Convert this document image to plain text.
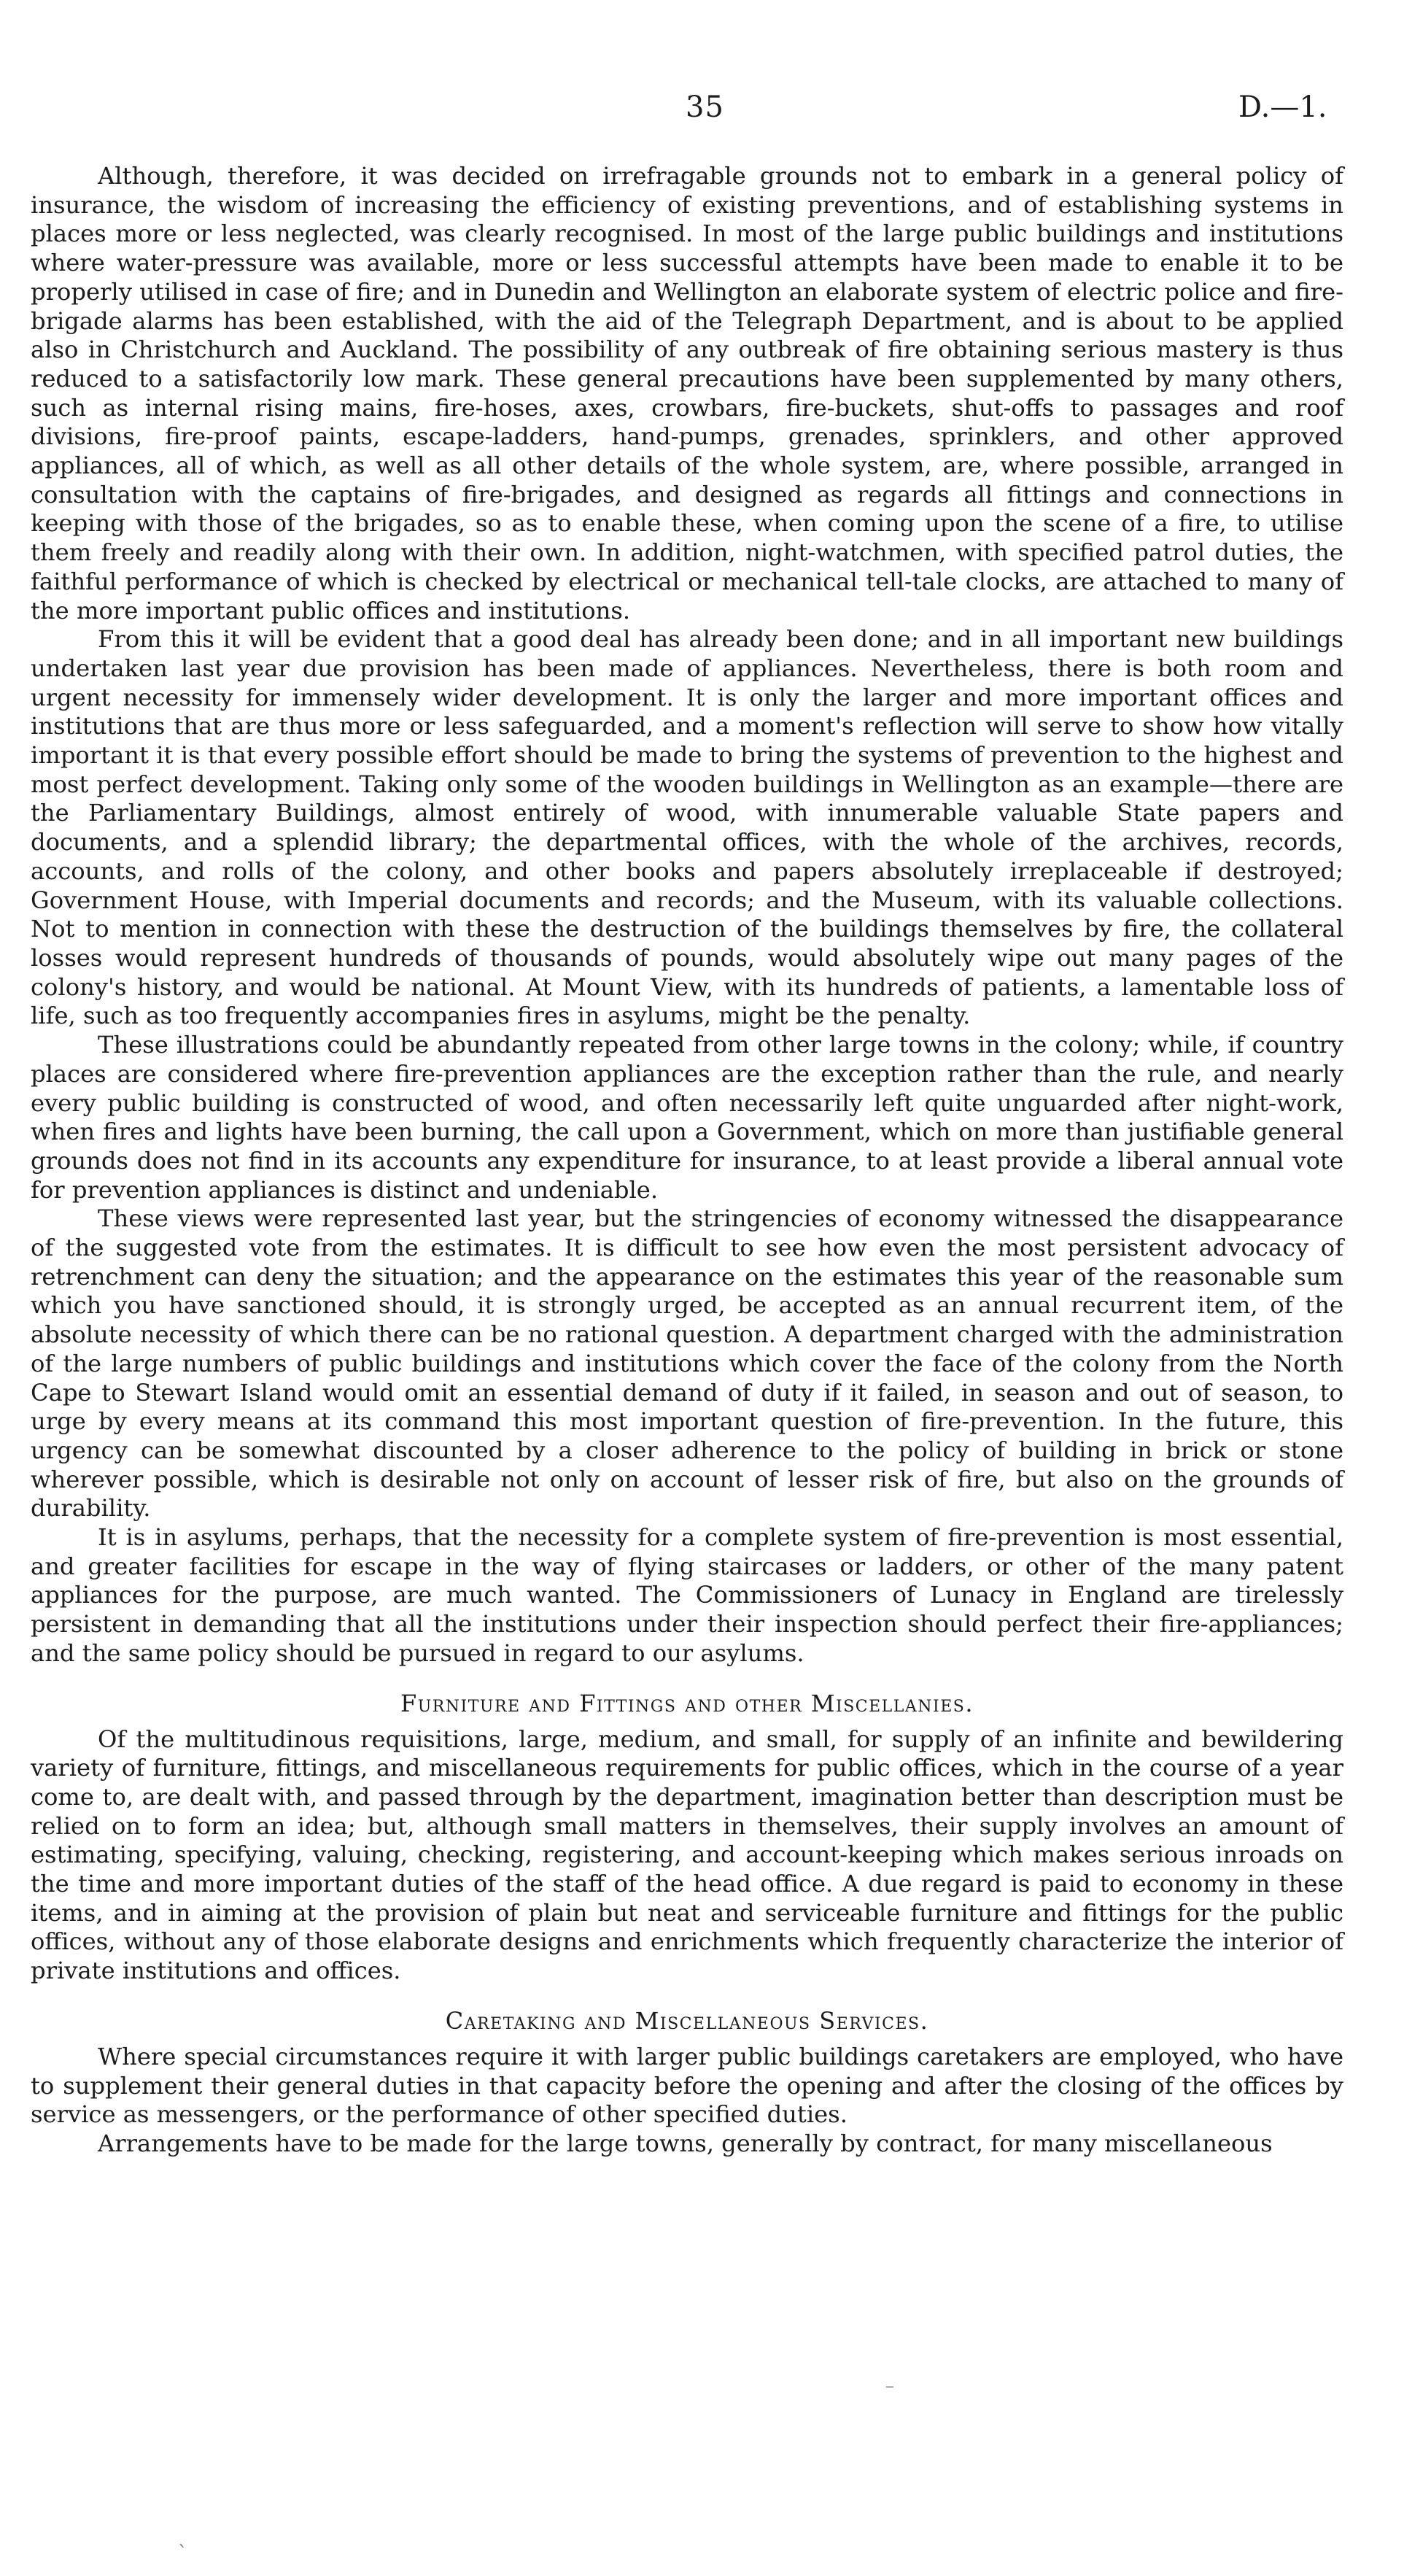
35	D.—1.

Although, therefore, it was decided on irrefragable grounds not to embark in a general policy of insurance, the wisdom of increasing the efficiency of existing preventions, and of establishing systems in places more or less neglected, was clearly recognised. In most of the large public buildings and institutions where water-pressure was available, more or less successful attempts have been made to enable it to be properly utilised in case of fire; and in Dunedin and Wellington an elaborate system of electric police and fire-brigade alarms has been established, with the aid of the Telegraph Department, and is about to be applied also in Christchurch and Auckland. The possibility of any outbreak of fire obtaining serious mastery is thus reduced to a satisfactorily low mark. These general precautions have been supplemented by many others, such as internal rising mains, fire-hoses, axes, crowbars, fire-buckets, shut-offs to passages and roof divisions, fire-proof paints, escape-ladders, hand-pumps, grenades, sprinklers, and other approved appliances, all of which, as well as all other details of the whole system, are, where possible, arranged in consultation with the captains of fire-brigades, and designed as regards all fittings and connections in keeping with those of the brigades, so as to enable these, when coming upon the scene of a fire, to utilise them freely and readily along with their own. In addition, night-watchmen, with specified patrol duties, the faithful performance of which is checked by electrical or mechanical tell-tale clocks, are attached to many of the more important public offices and institutions.

From this it will be evident that a good deal has already been done; and in all important new buildings undertaken last year due provision has been made of appliances. Nevertheless, there is both room and urgent necessity for immensely wider development. It is only the larger and more important offices and institutions that are thus more or less safeguarded, and a moment's reflection will serve to show how vitally important it is that every possible effort should be made to bring the systems of prevention to the highest and most perfect development. Taking only some of the wooden buildings in Wellington as an example—there are the Parliamentary Buildings, almost entirely of wood, with innumerable valuable State papers and documents, and a splendid library; the departmental offices, with the whole of the archives, records, accounts, and rolls of the colony, and other books and papers absolutely irreplaceable if destroyed; Government House, with Imperial documents and records; and the Museum, with its valuable collections. Not to mention in connection with these the destruction of the buildings themselves by fire, the collateral losses would represent hundreds of thousands of pounds, would absolutely wipe out many pages of the colony's history, and would be national. At Mount View, with its hundreds of patients, a lamentable loss of life, such as too frequently accompanies fires in asylums, might be the penalty.

These illustrations could be abundantly repeated from other large towns in the colony; while, if country places are considered where fire-prevention appliances are the exception rather than the rule, and nearly every public building is constructed of wood, and often necessarily left quite unguarded after night-work, when fires and lights have been burning, the call upon a Government, which on more than justifiable general grounds does not find in its accounts any expenditure for insurance, to at least provide a liberal annual vote for prevention appliances is distinct and undeniable.

These views were represented last year, but the stringencies of economy witnessed the disappearance of the suggested vote from the estimates. It is difficult to see how even the most persistent advocacy of retrenchment can deny the situation; and the appearance on the estimates this year of the reasonable sum which you have sanctioned should, it is strongly urged, be accepted as an annual recurrent item, of the absolute necessity of which there can be no rational question. A department charged with the administration of the large numbers of public buildings and institutions which cover the face of the colony from the North Cape to Stewart Island would omit an essential demand of duty if it failed, in season and out of season, to urge by every means at its command this most important question of fire-prevention. In the future, this urgency can be somewhat discounted by a closer adherence to the policy of building in brick or stone wherever possible, which is desirable not only on account of lesser risk of fire, but also on the grounds of durability.

It is in asylums, perhaps, that the necessity for a complete system of fire-prevention is most essential, and greater facilities for escape in the way of flying staircases or ladders, or other of the many patent appliances for the purpose, are much wanted. The Commissioners of Lunacy in England are tirelessly persistent in demanding that all the institutions under their inspection should perfect their fire-appliances; and the same policy should be pursued in regard to our asylums.

Furniture and Fittings and other Miscellanies.

Of the multitudinous requisitions, large, medium, and small, for supply of an infinite and bewildering variety of furniture, fittings, and miscellaneous requirements for public offices, which in the course of a year come to, are dealt with, and passed through by the department, imagination better than description must be relied on to form an idea; but, although small matters in themselves, their supply involves an amount of estimating, specifying, valuing, checking, registering, and account-keeping which makes serious inroads on the time and more important duties of the staff of the head office. A due regard is paid to economy in these items, and in aiming at the provision of plain but neat and serviceable furniture and fittings for the public offices, without any of those elaborate designs and enrichments which frequently characterize the interior of private institutions and offices.

Caretaking and Miscellaneous Services.

Where special circumstances require it with larger public buildings caretakers are employed, who have to supplement their general duties in that capacity before the opening and after the closing of the offices by service as messengers, or the performance of other specified duties.

Arrangements have to be made for the large towns, generally by contract, for many miscellaneous

⁻
՝
